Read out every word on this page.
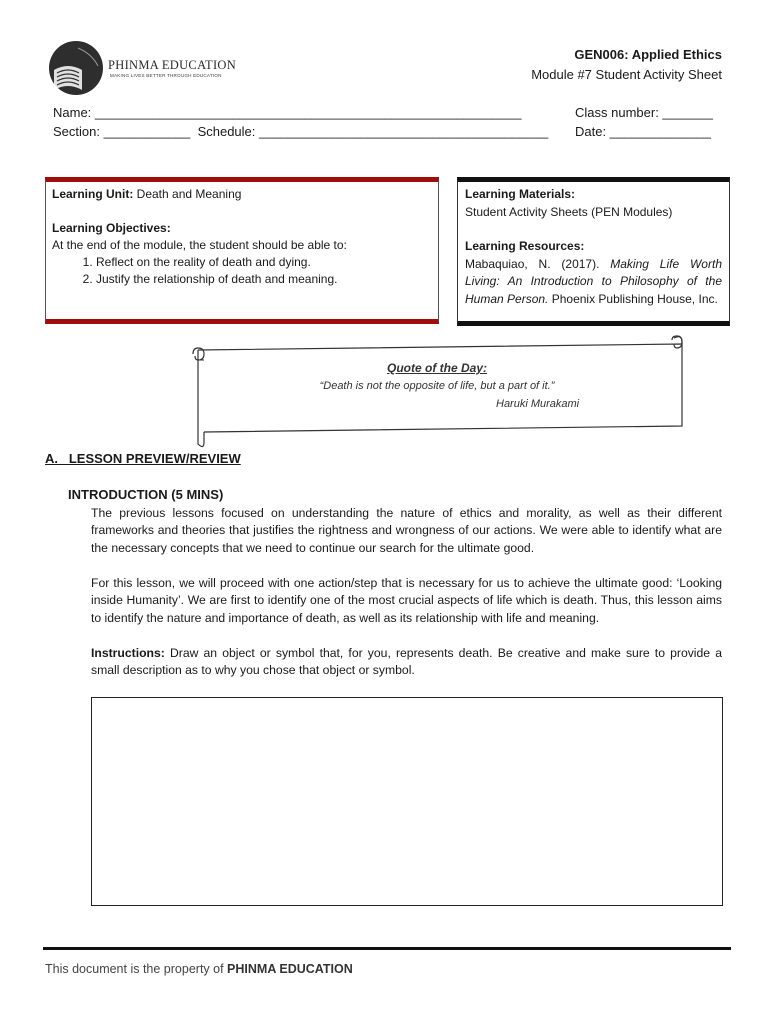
PHINMA EDUCATION
MAKING LIVES BETTER THROUGH EDUCATION
GEN006: Applied Ethics
Module #7 Student Activity Sheet
Name: ___________________________________________________________	Class number: _______
Section: ____________  Schedule: ________________________________________ Date: ______________
Learning Unit: Death and Meaning
Learning Objectives:
At the end of the module, the student should be able to:
1. Reflect on the reality of death and dying.
2. Justify the relationship of death and meaning.
Learning Materials:
Student Activity Sheets (PEN Modules)
Learning Resources:
Mabaquiao, N. (2017). Making Life Worth Living: An Introduction to Philosophy of the Human Person. Phoenix Publishing House, Inc.
Quote of the Day:
“Death is not the opposite of life, but a part of it.”
Haruki Murakami
A.   LESSON PREVIEW/REVIEW
INTRODUCTION (5 MINS)
The previous lessons focused on understanding the nature of ethics and morality, as well as their different frameworks and theories that justifies the rightness and wrongness of our actions. We were able to identify what are the necessary concepts that we need to continue our search for the ultimate good.
For this lesson, we will proceed with one action/step that is necessary for us to achieve the ultimate good: ‘Looking inside Humanity’. We are first to identify one of the most crucial aspects of life which is death. Thus, this lesson aims to identify the nature and importance of death, as well as its relationship with life and meaning.
Instructions: Draw an object or symbol that, for you, represents death. Be creative and make sure to provide a small description as to why you chose that object or symbol.
This document is the property of PHINMA EDUCATION
